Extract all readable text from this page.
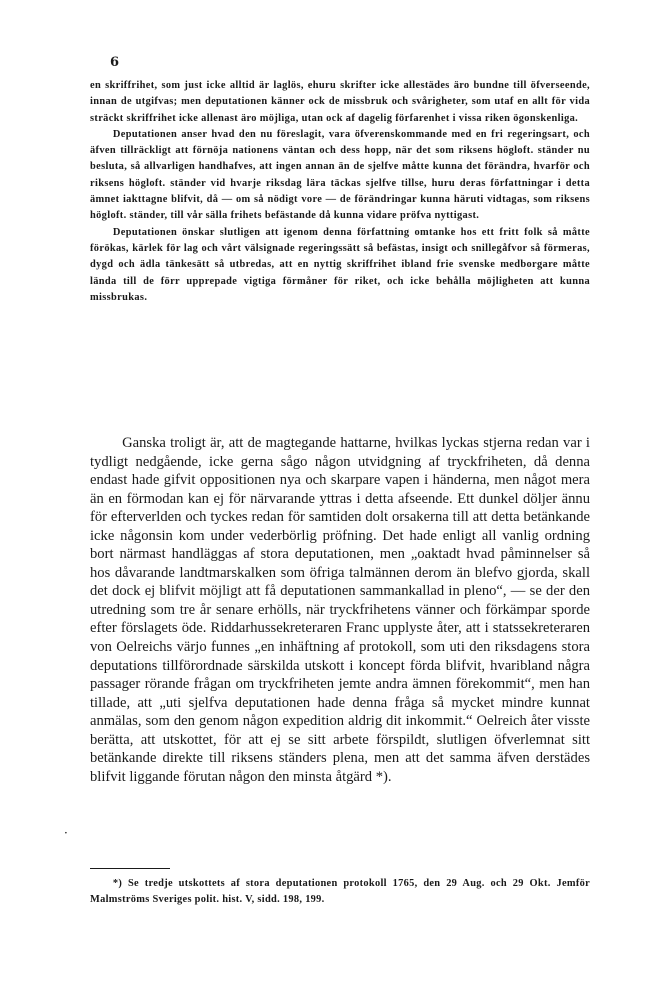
6

en skriffrihet, som just icke alltid är laglös, ehuru skrifter icke allestädes äro bundne till öfverseende, innan de utgifvas; men deputationen känner ock de missbruk och svårigheter, som utaf en allt för vida sträckt skriffrihet icke allenast äro möjliga, utan ock af dagelig förfarenhet i vissa riken ögonskenliga.

Deputationen anser hvad den nu föreslagit, vara öfverenskommande med en fri regeringsart, och äfven tillräckligt att förnöja nationens väntan och dess hopp, när det som riksens högloft. ständer nu besluta, så allvarligen handhafves, att ingen annan än de sjelfve måtte kunna det förändra, hvarför och riksens högloft. ständer vid hvarje riksdag lära täckas sjelfve tillse, huru deras författningar i detta ämnet iakttagne blifvit, då — om så nödigt vore — de förändringar kunna häruti vidtagas, som riksens högloft. ständer, till vår sälla frihets befästande då kunna vidare pröfva nyttigast.

Deputationen önskar slutligen att igenom denna författning omtanke hos ett fritt folk så måtte förökas, kärlek för lag och vårt välsignade regeringssätt så befästas, insigt och snillegåfvor så förmeras, dygd och ädla tänkesätt så utbredas, att en nyttig skriffrihet ibland frie svenske medborgare måtte lända till de förr upprepade vigtiga förmåner för riket, och icke behålla möjligheten att kunna missbrukas.

Ganska troligt är, att de magtegande hattarne, hvilkas lyckas stjerna redan var i tydligt nedgående, icke gerna sågo någon utvidgning af tryckfriheten, då denna endast hade gifvit oppositionen nya och skarpare vapen i händerna, men något mera än en förmodan kan ej för närvarande yttras i detta afseende. Ett dunkel döljer ännu för efterverlden och tyckes redan för samtiden dolt orsakerna till att detta betänkande icke någonsin kom under vederbörlig pröfning. Det hade enligt all vanlig ordning bort närmast handläggas af stora deputationen, men „oaktadt hvad påminnelser så hos dåvarande landtmarskalken som öfriga talmännen derom än blefvo gjorda, skall det dock ej blifvit möjligt att få deputationen sammankallad in pleno“, — se der den utredning som tre år senare erhölls, när tryckfrihetens vänner och förkämpar sporde efter förslagets öde. Riddarhussekreteraren Franc upplyste åter, att i statssekreteraren von Oelreichs värjo funnes „en inhäftning af protokoll, som uti den riksdagens stora deputations tillförordnade särskilda utskott i koncept förda blifvit, hvaribland några passager rörande frågan om tryckfriheten jemte andra ämnen förekommit“, men han tillade, att „uti sjelfva deputationen hade denna fråga så mycket mindre kunnat anmälas, som den genom någon expedition aldrig dit inkommit.“ Oelreich åter visste berätta, att utskottet, för att ej se sitt arbete förspildt, slutligen öfverlemnat sitt betänkande direkte till riksens ständers plena, men att det samma äfven derstädes blifvit liggande förutan någon den minsta åtgärd *).

·
*) Se tredje utskottets af stora deputationen protokoll 1765, den 29 Aug. och 29 Okt. Jemför Malmströms Sveriges polit. hist. V, sidd. 198, 199.
